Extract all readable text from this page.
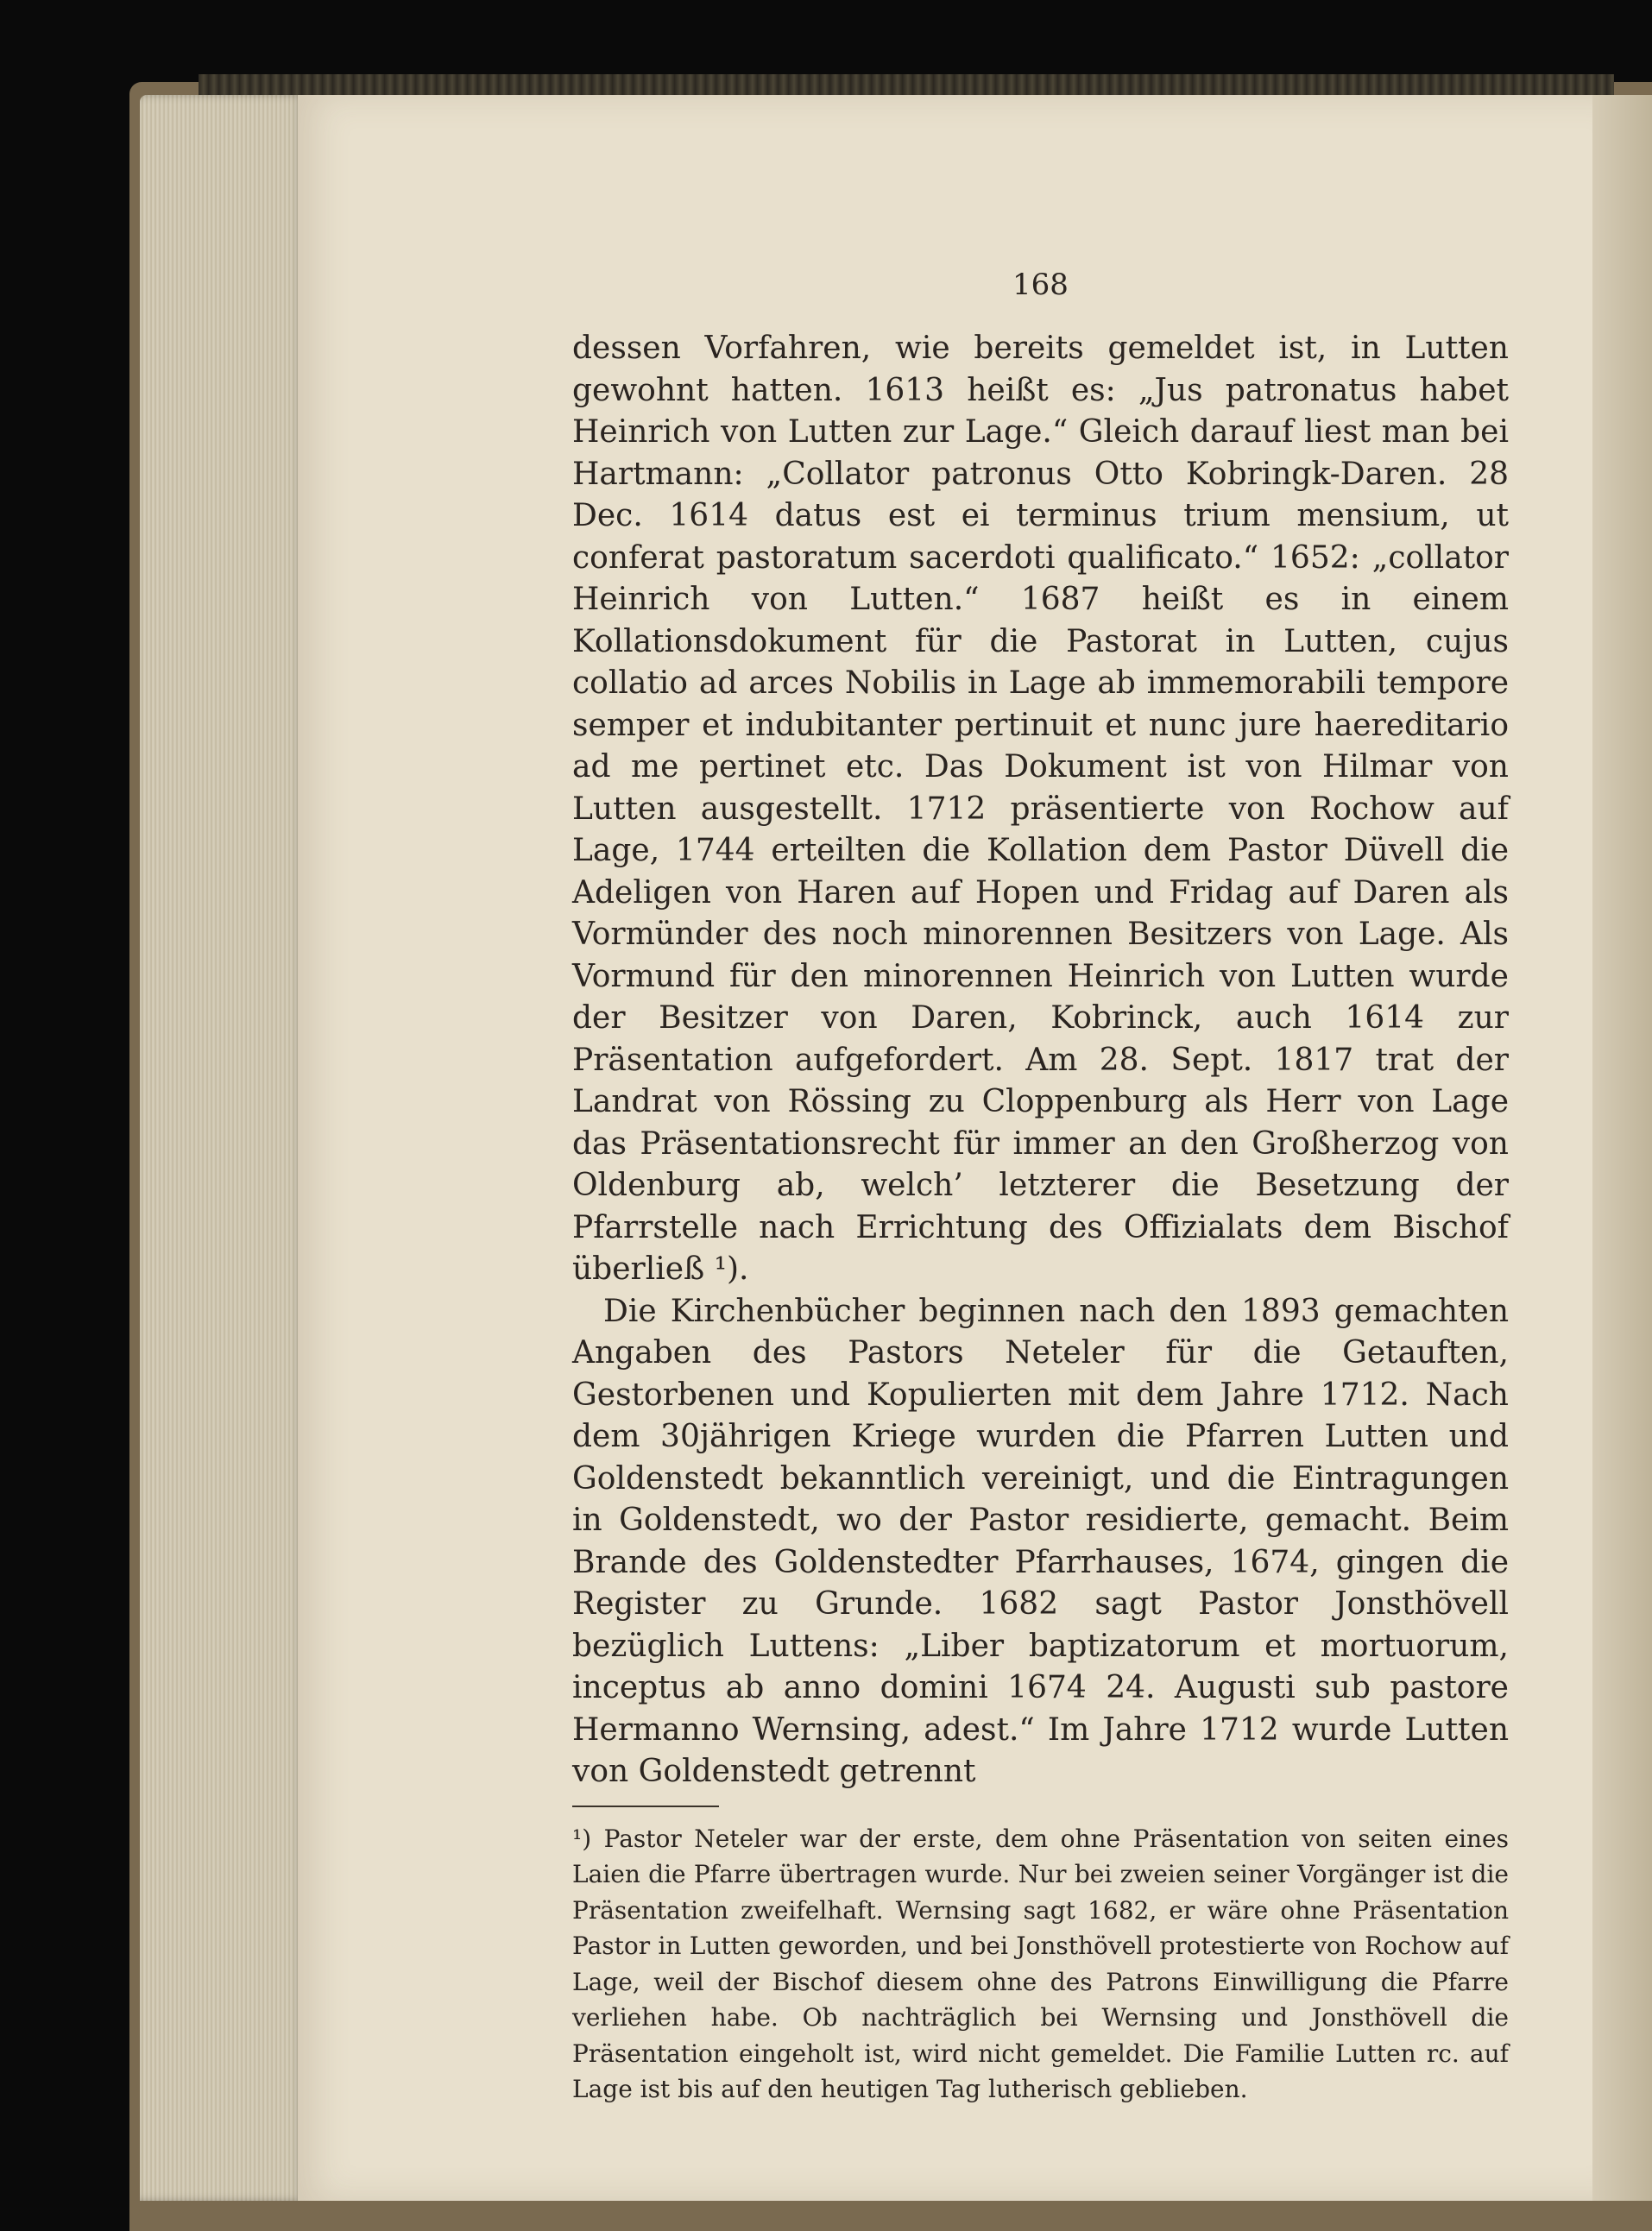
168

dessen Vorfahren, wie bereits gemeldet ist, in Lutten gewohnt hatten. 1613 heißt es: „Jus patronatus habet Heinrich von Lutten zur Lage.“ Gleich darauf liest man bei Hartmann: „Collator patronus Otto Kobringk-Daren. 28 Dec. 1614 datus est ei terminus trium mensium, ut conferat pastoratum sacerdoti qualificato.“ 1652: „collator Heinrich von Lutten.“ 1687 heißt es in einem Kollationsdokument für die Pastorat in Lutten, cujus collatio ad arces Nobilis in Lage ab immemorabili tempore semper et indubitanter pertinuit et nunc jure haereditario ad me pertinet etc. Das Dokument ist von Hilmar von Lutten ausgestellt. 1712 präsentierte von Rochow auf Lage, 1744 erteilten die Kollation dem Pastor Düvell die Adeligen von Haren auf Hopen und Fridag auf Daren als Vormünder des noch minorennen Besitzers von Lage. Als Vormund für den minorennen Heinrich von Lutten wurde der Besitzer von Daren, Kobrinck, auch 1614 zur Präsentation aufgefordert. Am 28. Sept. 1817 trat der Landrat von Rössing zu Cloppenburg als Herr von Lage das Präsentationsrecht für immer an den Großherzog von Oldenburg ab, welch’ letzterer die Besetzung der Pfarrstelle nach Errichtung des Offizialats dem Bischof überließ ¹).

Die Kirchenbücher beginnen nach den 1893 gemachten Angaben des Pastors Neteler für die Getauften, Gestorbenen und Kopulierten mit dem Jahre 1712. Nach dem 30jährigen Kriege wurden die Pfarren Lutten und Goldenstedt bekanntlich vereinigt, und die Eintragungen in Goldenstedt, wo der Pastor residierte, gemacht. Beim Brande des Goldenstedter Pfarrhauses, 1674, gingen die Register zu Grunde. 1682 sagt Pastor Jonsthövell bezüglich Luttens: „Liber baptizatorum et mortuorum, inceptus ab anno domini 1674 24. Augusti sub pastore Hermanno Wernsing, adest.“ Im Jahre 1712 wurde Lutten von Goldenstedt getrennt

¹) Pastor Neteler war der erste, dem ohne Präsentation von seiten eines Laien die Pfarre übertragen wurde. Nur bei zweien seiner Vorgänger ist die Präsentation zweifelhaft. Wernsing sagt 1682, er wäre ohne Präsentation Pastor in Lutten geworden, und bei Jonsthövell protestierte von Rochow auf Lage, weil der Bischof diesem ohne des Patrons Einwilligung die Pfarre verliehen habe. Ob nachträglich bei Wernsing und Jonsthövell die Präsentation eingeholt ist, wird nicht gemeldet. Die Familie Lutten rc. auf Lage ist bis auf den heutigen Tag lutherisch geblieben.
